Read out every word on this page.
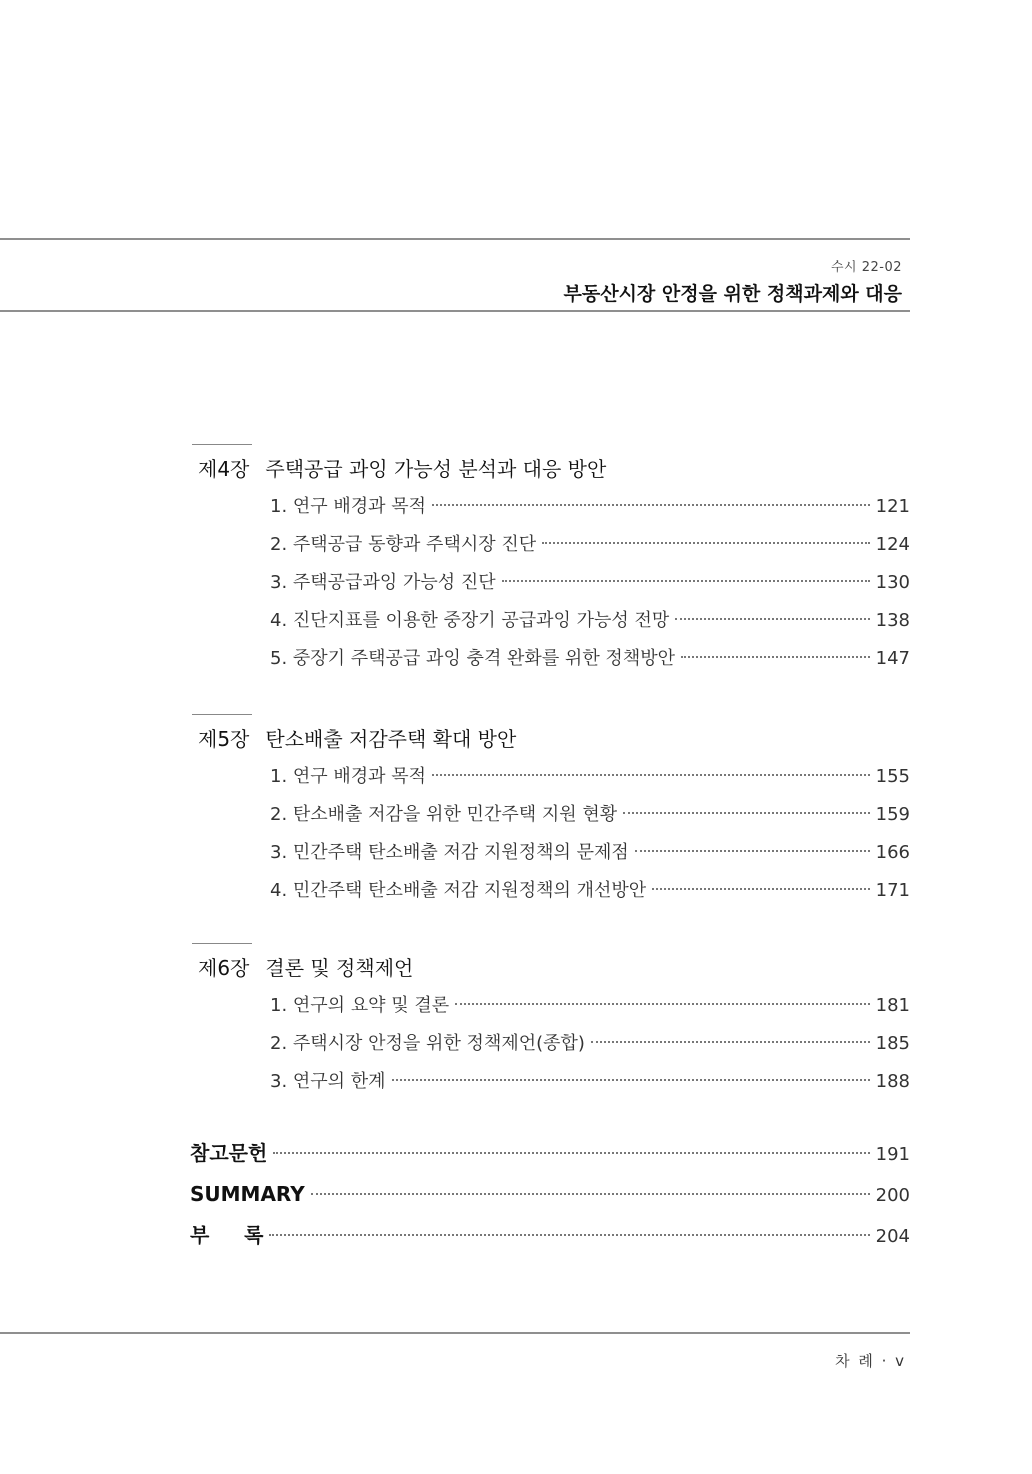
수시 22-02
부동산시장 안정을 위한 정책과제와 대응
제4장 주택공급 과잉 가능성 분석과 대응 방안
1. 연구 배경과 목적	121
2. 주택공급 동향과 주택시장 진단	124
3. 주택공급과잉 가능성 진단	130
4. 진단지표를 이용한 중장기 공급과잉 가능성 전망	138
5. 중장기 주택공급 과잉 충격 완화를 위한 정책방안	147
제5장 탄소배출 저감주택 확대 방안
1. 연구 배경과 목적	155
2. 탄소배출 저감을 위한 민간주택 지원 현황	159
3. 민간주택 탄소배출 저감 지원정책의 문제점	166
4. 민간주택 탄소배출 저감 지원정책의 개선방안	171
제6장 결론 및 정책제언
1. 연구의 요약 및 결론	181
2. 주택시장 안정을 위한 정책제언(종합)	185
3. 연구의 한계	188
참고문헌	191
SUMMARY	200
부     록	204
차 례 · v
